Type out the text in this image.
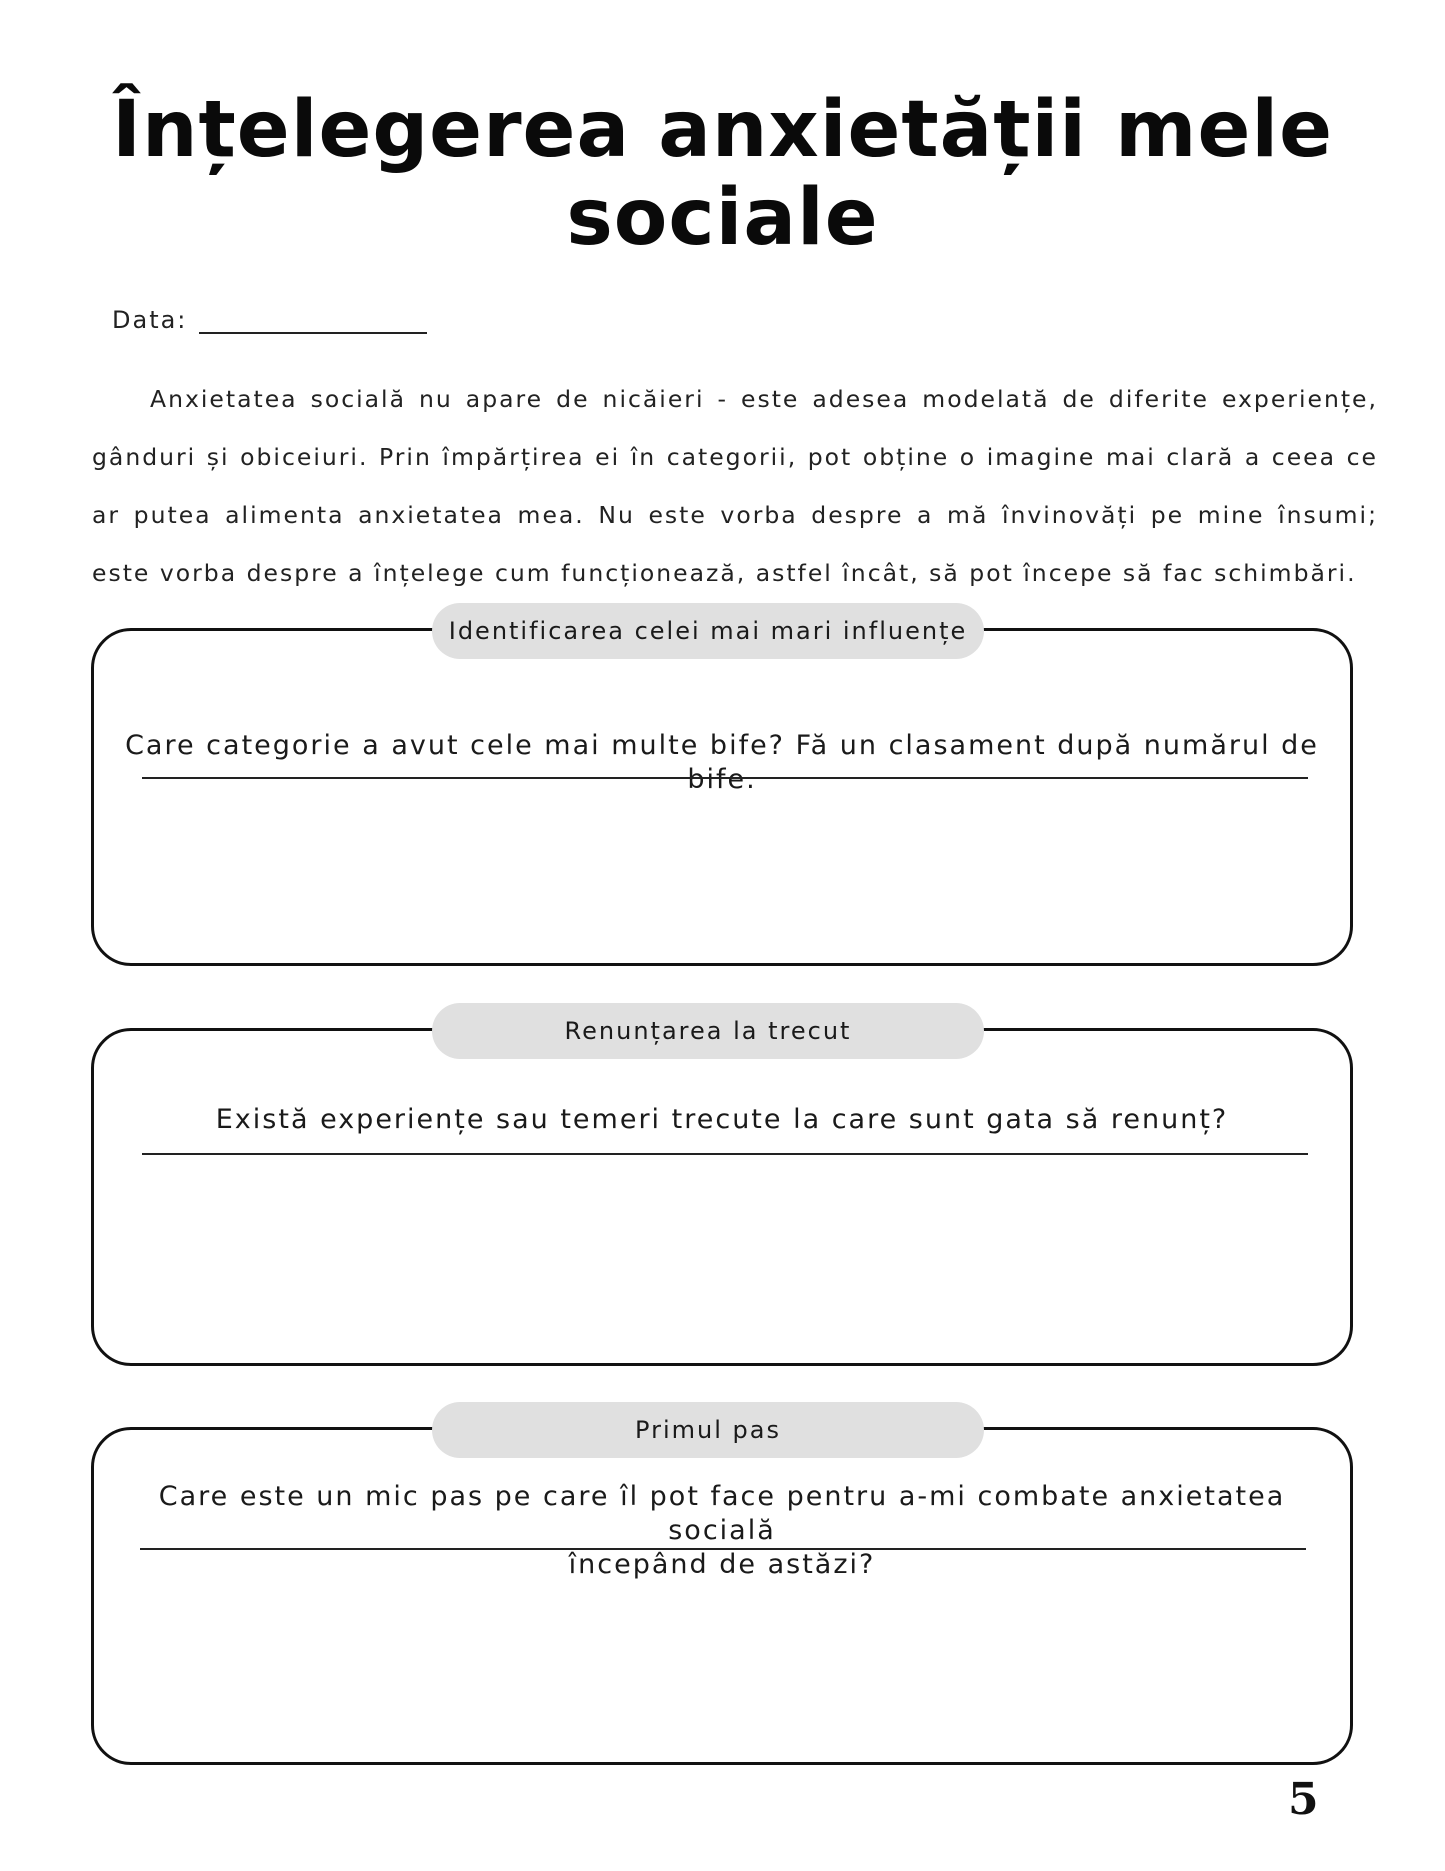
Înțelegerea anxietății mele
sociale
Data:

Anxietatea socială nu apare de nicăieri - este adesea modelată de diferite experiențe, gânduri și obiceiuri. Prin împărțirea ei în categorii, pot obține o imagine mai clară a ceea ce ar putea alimenta anxietatea mea. Nu este vorba despre a mă învinovăți pe mine însumi; este vorba despre a înțelege cum funcționează, astfel încât, să pot începe să fac schimbări.

Identificarea celei mai mari influențe
Care categorie a avut cele mai multe bife? Fă un clasament după numărul de bife.
Renunțarea la trecut
Există experiențe sau temeri trecute la care sunt gata să renunț?
Primul pas
Care este un mic pas pe care îl pot face pentru a-mi combate anxietatea socială
începând de astăzi?
5
